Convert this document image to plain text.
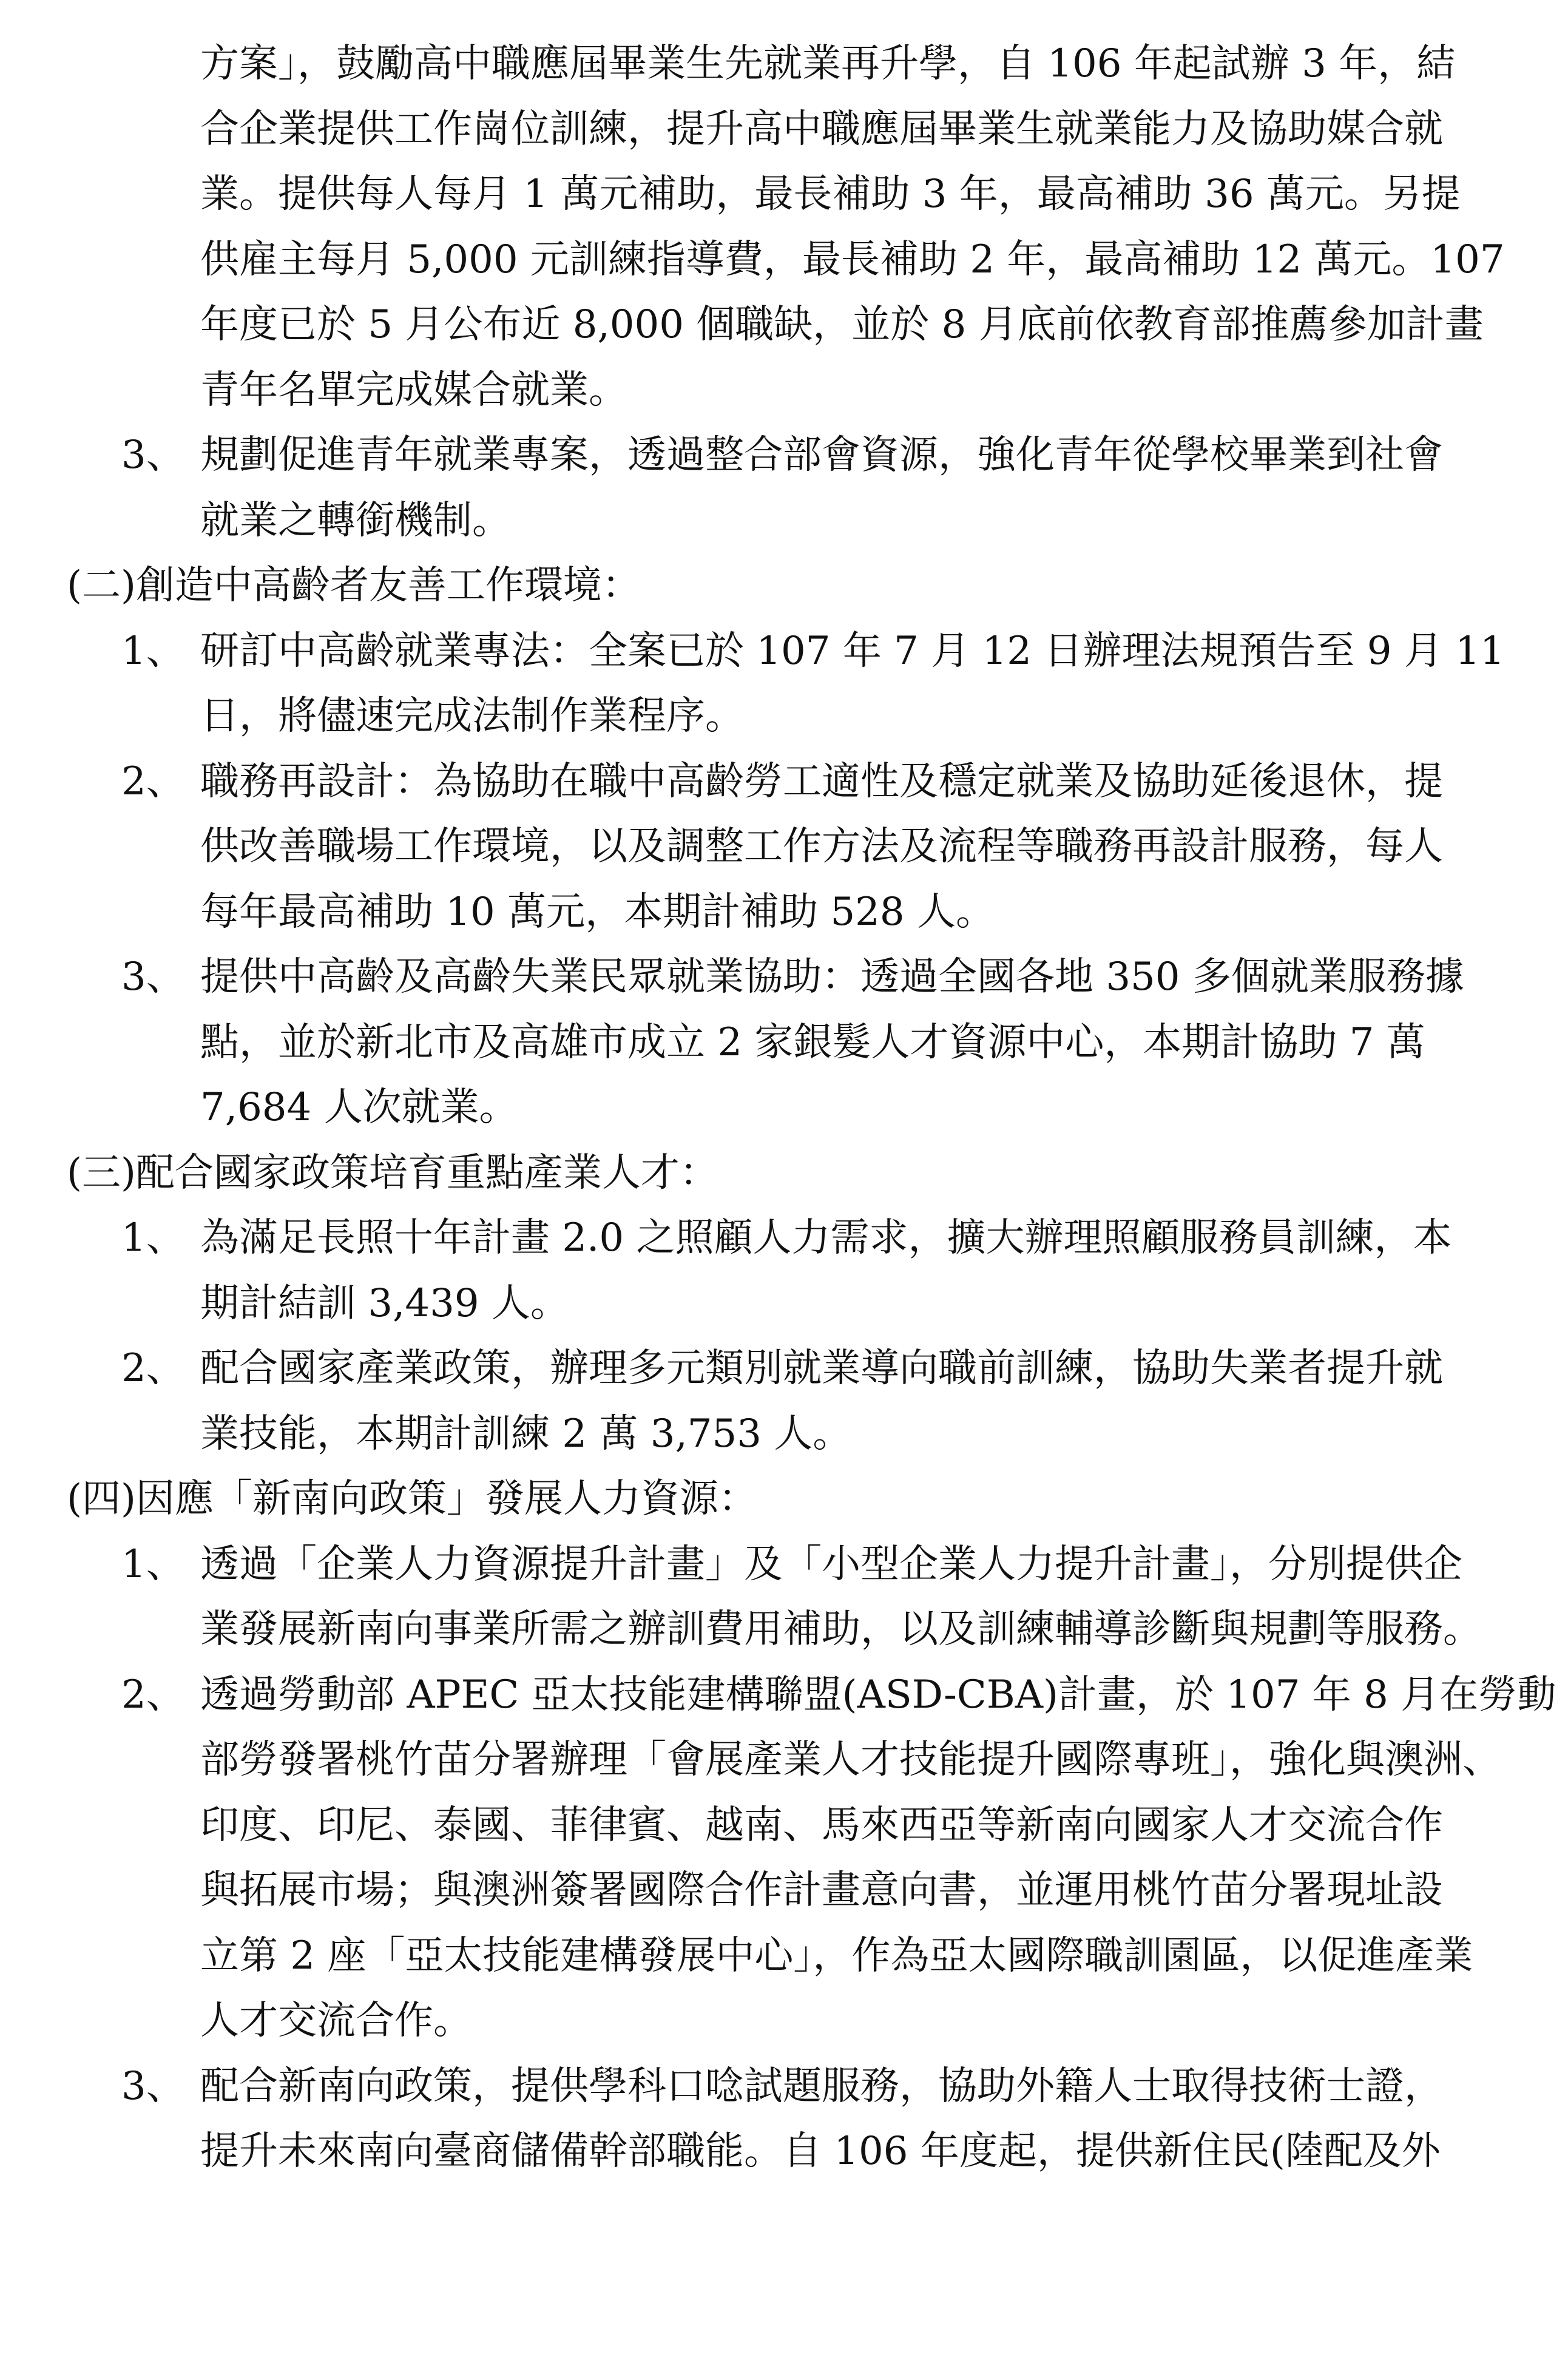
方案」，鼓勵高中職應屆畢業生先就業再升學，自 106 年起試辦 3 年，結
合企業提供工作崗位訓練，提升高中職應屆畢業生就業能力及協助媒合就
業。提供每人每月 1 萬元補助，最長補助 3 年，最高補助 36 萬元。另提
供雇主每月 5,000 元訓練指導費，最長補助 2 年，最高補助 12 萬元。107
年度已於 5 月公布近 8,000 個職缺，並於 8 月底前依教育部推薦參加計畫
青年名單完成媒合就業。
3、 規劃促進青年就業專案，透過整合部會資源，強化青年從學校畢業到社會
就業之轉銜機制。
(二)創造中高齡者友善工作環境：
1、 研訂中高齡就業專法：全案已於 107 年 7 月 12 日辦理法規預告至 9 月 11
日，將儘速完成法制作業程序。
2、 職務再設計：為協助在職中高齡勞工適性及穩定就業及協助延後退休，提
供改善職場工作環境，以及調整工作方法及流程等職務再設計服務，每人
每年最高補助 10 萬元，本期計補助 528 人。
3、 提供中高齡及高齡失業民眾就業協助：透過全國各地 350 多個就業服務據
點，並於新北市及高雄市成立 2 家銀髮人才資源中心，本期計協助 7 萬
7,684 人次就業。
(三)配合國家政策培育重點產業人才：
1、 為滿足長照十年計畫 2.0 之照顧人力需求，擴大辦理照顧服務員訓練，本
期計結訓 3,439 人。
2、 配合國家產業政策，辦理多元類別就業導向職前訓練，協助失業者提升就
業技能，本期計訓練 2 萬 3,753 人。
(四)因應「新南向政策」發展人力資源：
1、 透過「企業人力資源提升計畫」及「小型企業人力提升計畫」，分別提供企
業發展新南向事業所需之辦訓費用補助，以及訓練輔導診斷與規劃等服務。
2、 透過勞動部 APEC 亞太技能建構聯盟(ASD-CBA)計畫，於 107 年 8 月在勞動
部勞發署桃竹苗分署辦理「會展產業人才技能提升國際專班」，強化與澳洲、
印度、印尼、泰國、菲律賓、越南、馬來西亞等新南向國家人才交流合作
與拓展市場；與澳洲簽署國際合作計畫意向書，並運用桃竹苗分署現址設
立第 2 座「亞太技能建構發展中心」，作為亞太國際職訓園區，以促進產業
人才交流合作。
3、 配合新南向政策，提供學科口唸試題服務，協助外籍人士取得技術士證，
提升未來南向臺商儲備幹部職能。自 106 年度起，提供新住民(陸配及外
